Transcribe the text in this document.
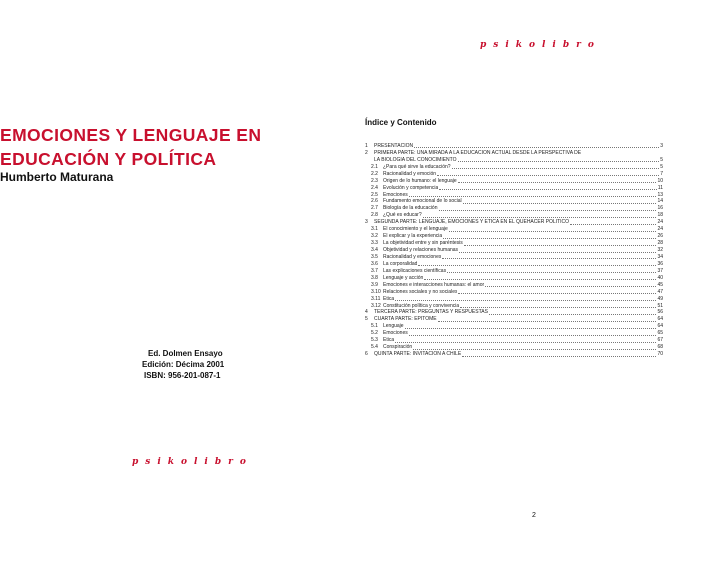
psikolibro
EMOCIONES Y LENGUAJE EN
EDUCACIÓN Y POLÍTICA
Humberto Maturana
Ed. Dolmen Ensayo
Edición: Décima 2001
ISBN: 956-201-087-1
psikolibro
Índice y Contenido
1	PRESENTACIÓN	3
2	PRIMERA PARTE: UNA MIRADA A LA EDUCACIÓN ACTUAL DESDE LA PERSPECTIVA DE
LA BIOLOGÍA DEL CONOCIMIENTO	5
2.1	¿Para qué sirve la educación?	5
2.2	Racionalidad y emoción	7
2.3	Origen de lo humano: el lenguaje	10
2.4	Evolución y competencia	11
2.5	Emociones	13
2.6	Fundamento emocional de lo social	14
2.7	Biología de la educación	16
2.8	¿Qué es educar?	18
3	SEGUNDA PARTE: LENGUAJE, EMOCIONES Y ÉTICA EN EL QUEHACER POLÍTICO	24
3.1	El conocimiento y el lenguaje	24
3.2	El explicar y la experiencia	26
3.3	La objetividad entre y sin paréntesis	28
3.4	Objetividad y relaciones humanas	32
3.5	Racionalidad y emociones	34
3.6	La corporalidad	36
3.7	Las explicaciones científicas	37
3.8	Lenguaje y acción	40
3.9	Emociones e interacciones humanas: el amor	45
3.10 Relaciones sociales y no sociales	47
3.11 Ética	49
3.12 Constitución política y convivencia	51
4	TERCERA PARTE: PREGUNTAS Y RESPUESTAS	56
5	CUARTA PARTE: EPÍTOME	64
5.1	Lenguaje	64
5.2	Emociones	65
5.3	Ética	67
5.4	Conspiración	68
6	QUINTA PARTE: INVITACIÓN A CHILE	70
2
